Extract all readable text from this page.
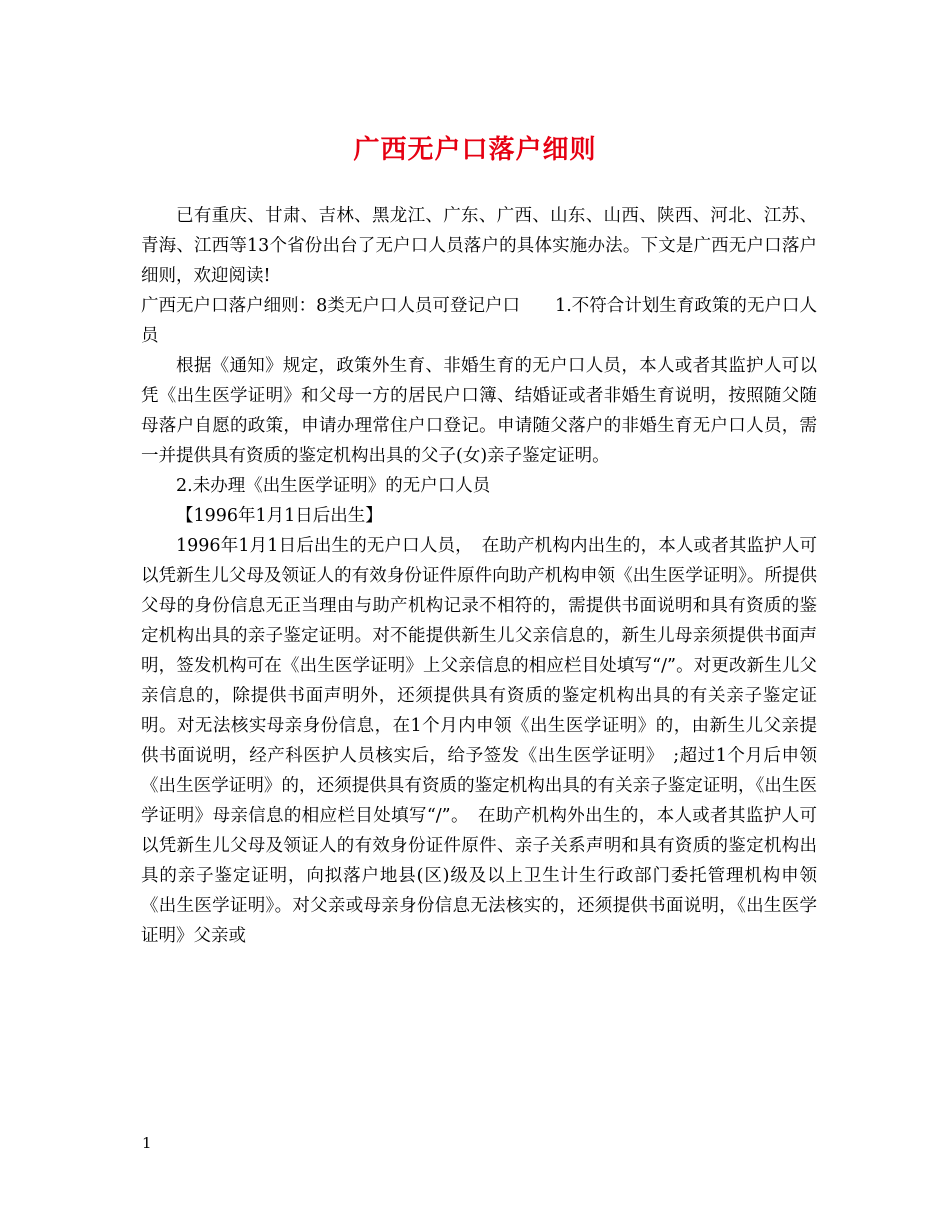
广西无户口落户细则

已有重庆、甘肃、吉林、黑龙江、广东、广西、山东、山西、陕西、河北、江苏、青海、江西等13个省份出台了无户口人员落户的具体实施办法。下文是广西无户口落户细则，欢迎阅读!

广西无户口落户细则：8类无户口人员可登记户口　　1.不符合计划生育政策的无户口人员

根据《通知》规定，政策外生育、非婚生育的无户口人员，本人或者其监护人可以凭《出生医学证明》和父母一方的居民户口簿、结婚证或者非婚生育说明，按照随父随母落户自愿的政策，申请办理常住户口登记。申请随父落户的非婚生育无户口人员，需一并提供具有资质的鉴定机构出具的父子(女)亲子鉴定证明。

2.未办理《出生医学证明》的无户口人员

【1996年1月1日后出生】

1996年1月1日后出生的无户口人员，　在助产机构内出生的，本人或者其监护人可以凭新生儿父母及领证人的有效身份证件原件向助产机构申领《出生医学证明》。所提供父母的身份信息无正当理由与助产机构记录不相符的，需提供书面说明和具有资质的鉴定机构出具的亲子鉴定证明。对不能提供新生儿父亲信息的，新生儿母亲须提供书面声明，签发机构可在《出生医学证明》上父亲信息的相应栏目处填写“/”。对更改新生儿父亲信息的，除提供书面声明外，还须提供具有资质的鉴定机构出具的有关亲子鉴定证明。对无法核实母亲身份信息，在1个月内申领《出生医学证明》的，由新生儿父亲提供书面说明，经产科医护人员核实后，给予签发《出生医学证明》　;超过1个月后申领《出生医学证明》的，还须提供具有资质的鉴定机构出具的有关亲子鉴定证明，《出生医学证明》母亲信息的相应栏目处填写“/”。　在助产机构外出生的，本人或者其监护人可以凭新生儿父母及领证人的有效身份证件原件、亲子关系声明和具有资质的鉴定机构出具的亲子鉴定证明，向拟落户地县(区)级及以上卫生计生行政部门委托管理机构申领《出生医学证明》。对父亲或母亲身份信息无法核实的，还须提供书面说明，《出生医学证明》父亲或

1
